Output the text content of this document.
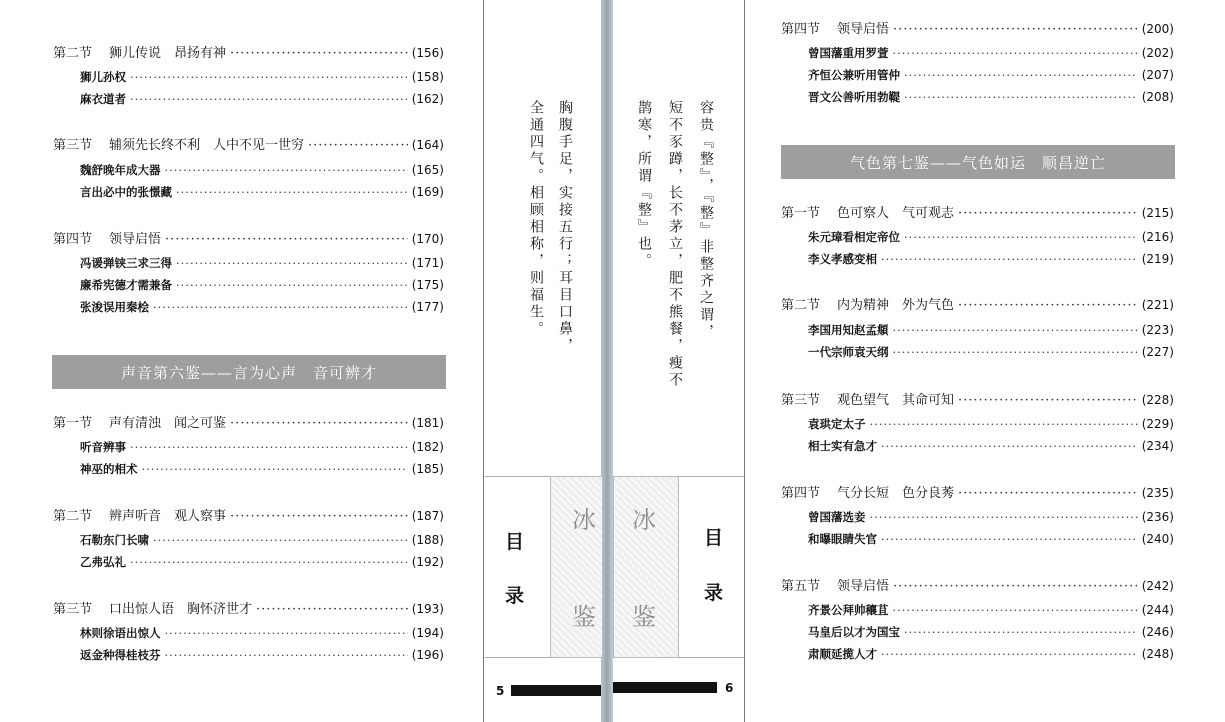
第二节	狮儿传说　昂扬有神 ·····	(156)
狮儿孙权 ·····	(158)
麻衣道者 ·····	(162)
第三节	辅须先长终不利　人中不见一世穷 ·····	(164)
魏舒晚年成大器 ·····	(165)
言出必中的张憬藏 ·····	(169)
第四节	领导启悟 ·····	(170)
冯谖弹铗三求三得 ·····	(171)
廉希宪德才需兼备 ·····	(175)
张浚误用秦桧 ·····	(177)
声音第六鉴——言为心声　音可辨才
第一节	声有清浊　闻之可鉴 ·····	(181)
听音辨事 ·····	(182)
神巫的相术 ·····	(185)
第二节	辨声听音　观人察事 ·····	(187)
石勒东门长啸 ·····	(188)
乙弗弘礼 ·····	(192)
第三节	口出惊人语　胸怀济世才 ·····	(193)
林则徐语出惊人 ·····	(194)
返金种得桂枝芬 ·····	(196)
胸腹手足，实接五行；耳目口鼻，
全通四气。相顾相称，则福生。	容贵『整』，『整』非整齐之谓，
短不豕蹲，长不茅立，肥不熊餐，瘦不
鹊寒，所谓『整』也。
冰
鉴
目
录
冰
鉴
目
录
5	6
第四节	领导启悟 ·····	(200)
曾国藩重用罗萱 ·····	(202)
齐恒公兼听用管仲 ·····	(207)
晋文公善听用勃鞮 ·····	(208)
气色第七鉴——气色如运　顺昌逆亡
第一节	色可察人　气可观志 ·····	(215)
朱元璋看相定帝位 ·····	(216)
李义孝感变相 ·····	(219)
第二节	内为精神　外为气色 ·····	(221)
李国用知赵孟頫 ·····	(223)
一代宗师袁天纲 ·····	(227)
第三节	观色望气　其命可知 ·····	(228)
袁珙定太子 ·····	(229)
相士实有急才 ·····	(234)
第四节	气分长短　色分良莠 ·····	(235)
曾国藩选妾 ·····	(236)
和曝眼睛失官 ·····	(240)
第五节	领导启悟 ·····	(242)
齐景公拜帅穰苴 ·····	(244)
马皇后以才为国宝 ·····	(246)
肃顺延揽人才 ·····	(248)
